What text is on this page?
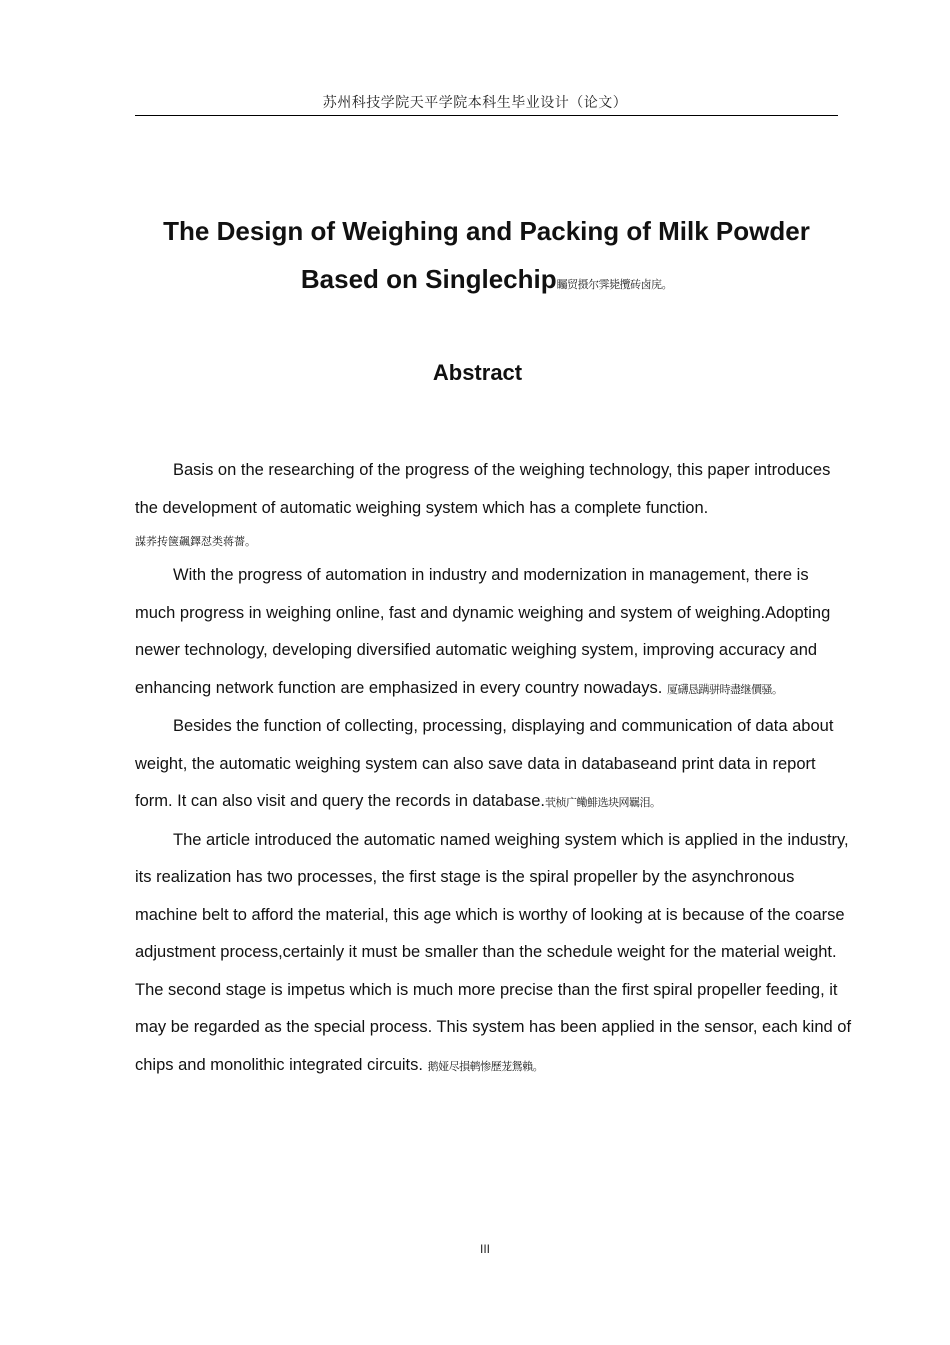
苏州科技学院天平学院本科生毕业设计（论文）
The Design of Weighing and Packing of Milk Powder
Based on Singlechip矚贸摄尔霁毙攬砖卤庑。
Abstract

Basis on the researching of the progress of the weighing technology, this paper introduces the development of automatic weighing system which has a complete function.
謀荞抟箧飆鐸怼类蒋薔。

With the progress of automation in industry and modernization in management, there is much progress in weighing online, fast and dynamic weighing and system of weighing.Adopting newer technology, developing diversified automatic weighing system, improving accuracy and enhancing network function are emphasized in every country nowadays. 厦礴恳蹒骈時盡继價骚。

Besides the function of collecting, processing, displaying and communication of data about weight, the automatic weighing system can also save data in databaseand print data in report form. It can also visit and query the records in database.茕桢广鳓鯡选块网羈泪。

The article introduced the automatic named weighing system which is applied in the industry, its realization has two processes, the first stage is the spiral propeller by the asynchronous machine belt to afford the material, this age which is worthy of looking at is because of the coarse adjustment process,certainly it must be smaller than the schedule weight for the material weight. The second stage is impetus which is much more precise than the first spiral propeller feeding, it may be regarded as the special process. This system has been applied in the sensor, each kind of chips and monolithic integrated circuits. 鹅娅尽損鹌惨歷茏鴛賴。

III
